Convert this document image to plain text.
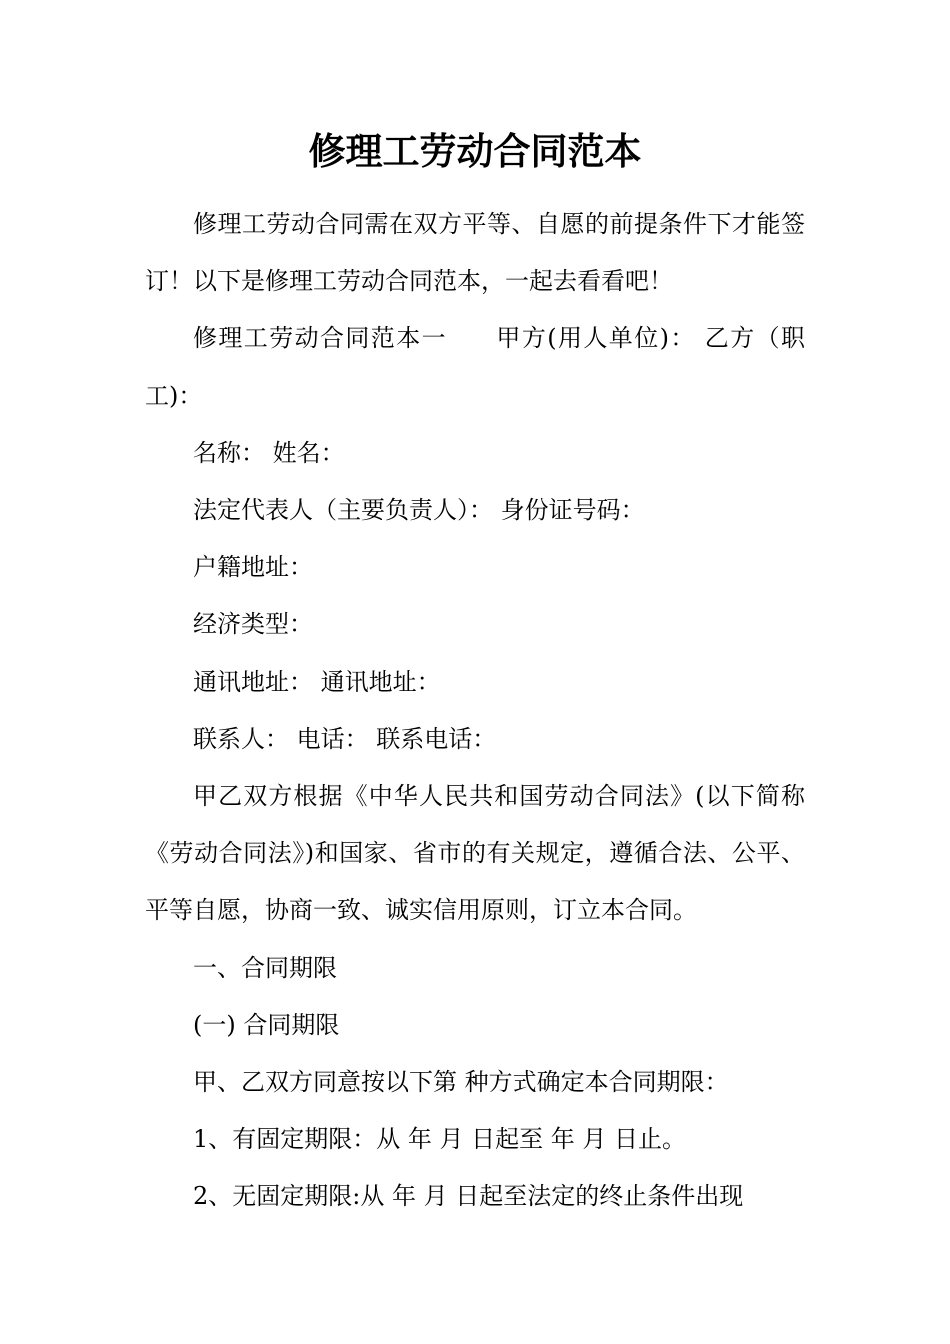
修理工劳动合同范本

修理工劳动合同需在双方平等、自愿的前提条件下才能签订！以下是修理工劳动合同范本，一起去看看吧！

修理工劳动合同范本一 甲方(用人单位)： 乙方（职工)：

名称： 姓名：

法定代表人（主要负责人）： 身份证号码：

户籍地址：

经济类型：

通讯地址： 通讯地址：

联系人： 电话： 联系电话：

甲乙双方根据《中华人民共和国劳动合同法》(以下简称《劳动合同法》)和国家、省市的有关规定，遵循合法、公平、平等自愿，协商一致、诚实信用原则，订立本合同。

一、合同期限

(一) 合同期限

甲、乙双方同意按以下第 种方式确定本合同期限：

1、有固定期限：从 年 月 日起至 年 月 日止。

2、无固定期限:从 年 月 日起至法定的终止条件出现
